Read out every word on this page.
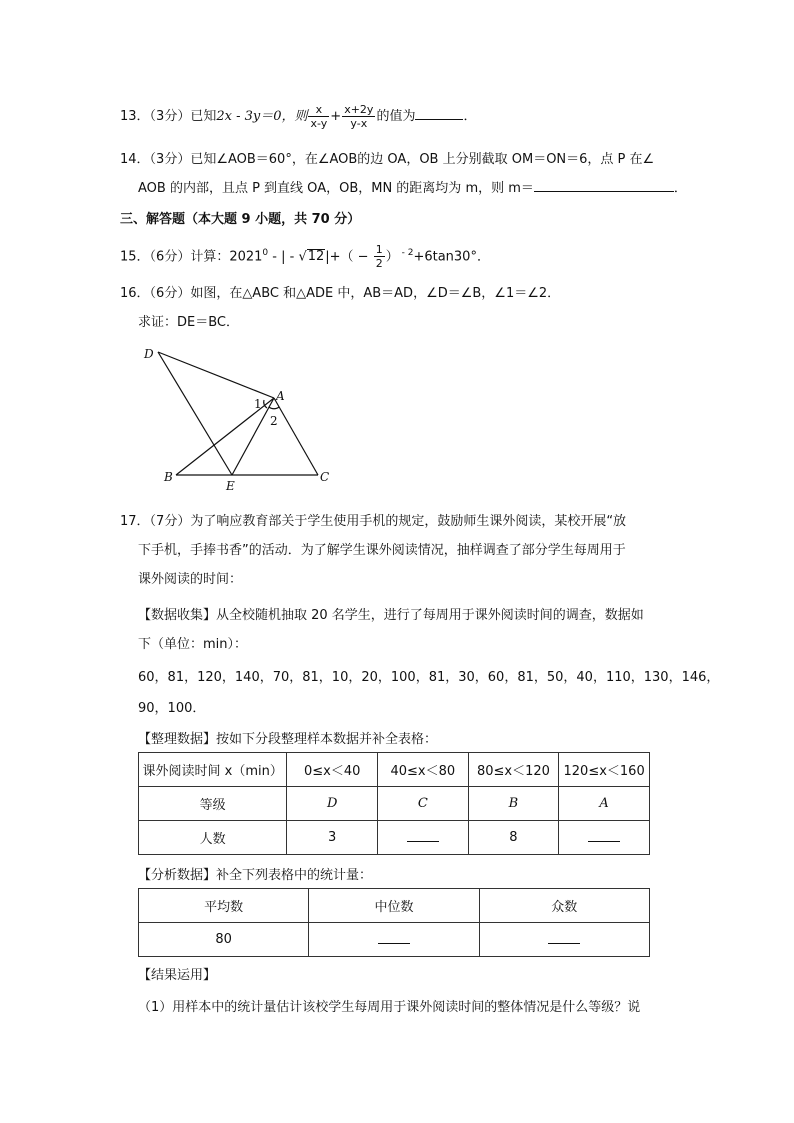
13．（3分）已知2x - 3y＝0，则 $\frac{x}{x-y} + \frac{x+2y}{y-x}$ 的值为	．
14．（3分）已知∠AOB＝60°，在∠AOB的边 OA，OB 上分别截取 OM＝ON＝6，点 P 在∠
AOB 的内部，且点 P 到直线 OA，OB，MN 的距离均为 m，则 m＝	．
三、解答题（本大题 9 小题，共 70 分）
15．（6分）计算：2021$^0$ - | - $√12|+( - \frac{1}{2}$ ） $^{- 2}$+6tan30°．
16．（6分）如图，在△ABC 和△ADE 中，AB＝AD，∠D＝∠B，∠1＝∠2．
求证：DE＝BC．
D
A
1
2
B
E
C
17．（7分）为了响应教育部关于学生使用手机的规定，鼓励师生课外阅读，某校开展“放
下手机，手捧书香”的活动．为了解学生课外阅读情况，抽样调查了部分学生每周用于
课外阅读的时间：
【数据收集】从全校随机抽取 20 名学生，进行了每周用于课外阅读时间的调查，数据如
下（单位：min）：
60，81，120，140，70，81，10，20，100，81，30，60，81，50，40，110，130，146，
90，100．
【整理数据】按如下分段整理样本数据并补全表格：
课外阅读时间 x（min）	0≤x＜40	40≤x＜80	80≤x＜120	120≤x＜160
等级	D	C	B	A
人数	3		8	
【分析数据】补全下列表格中的统计量：
平均数	中位数	众数
80		
【结果运用】
（1）用样本中的统计量估计该校学生每周用于课外阅读时间的整体情况是什么等级？说
